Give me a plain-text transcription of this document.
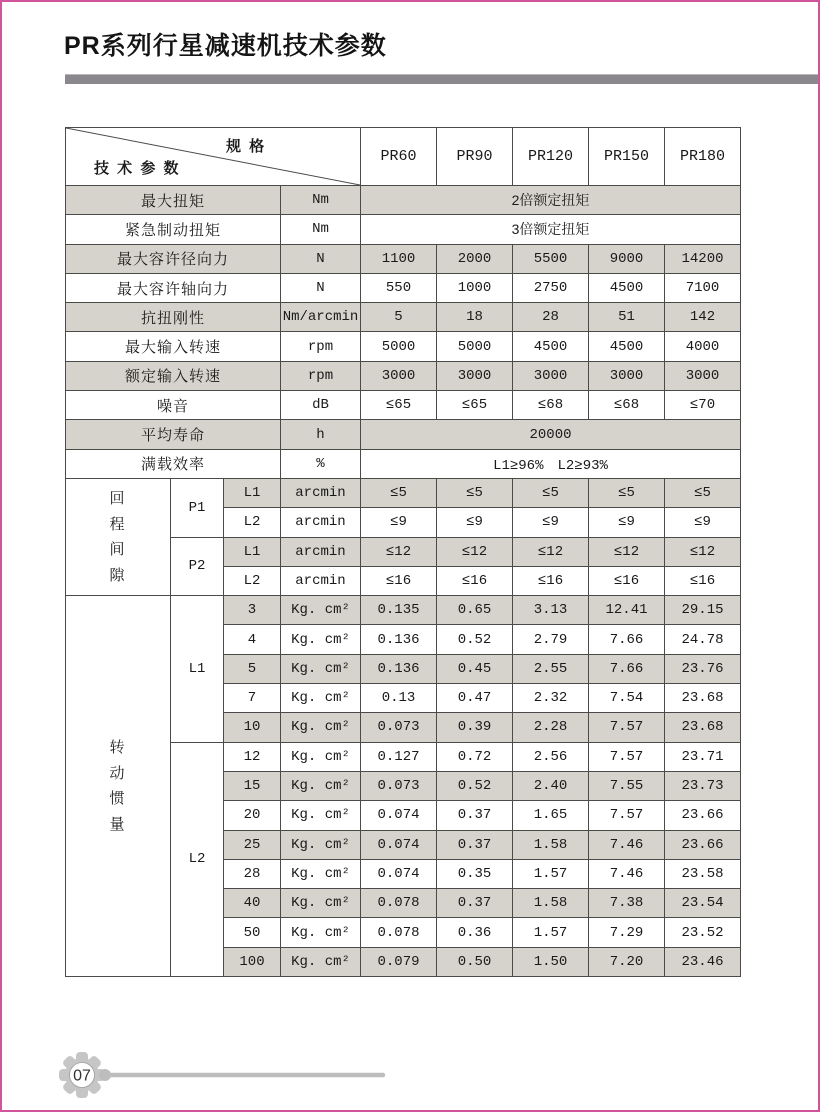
PR系列行星减速机技术参数
规 格
技 术 参 数				PR60	PR90	PR120	PR150	PR180
最大扭矩			Nm	2倍额定扭矩				
紧急制动扭矩			Nm	3倍额定扭矩				
最大容许径向力			N	1100	2000	5500	9000	14200
最大容许轴向力			N	550	1000	2750	4500	7100
抗扭刚性			Nm/arcmin	5	18	28	51	142
最大输入转速			rpm	5000	5000	4500	4500	4000
额定输入转速			rpm	3000	3000	3000	3000	3000
噪音			dB	≤65	≤65	≤68	≤68	≤70
平均寿命			h	20000				
满载效率			%	L1≥96%　L2≥93%				
回程间隙	P1	L1	arcmin	≤5	≤5	≤5	≤5	≤5
		L2	arcmin	≤9	≤9	≤9	≤9	≤9
	P2	L1	arcmin	≤12	≤12	≤12	≤12	≤12
		L2	arcmin	≤16	≤16	≤16	≤16	≤16
转动惯量	L1	3	Kg. cm²	0.135	0.65	3.13	12.41	29.15
		4	Kg. cm²	0.136	0.52	2.79	7.66	24.78
		5	Kg. cm²	0.136	0.45	2.55	7.66	23.76
		7	Kg. cm²	0.13	0.47	2.32	7.54	23.68
		10	Kg. cm²	0.073	0.39	2.28	7.57	23.68
	L2	12	Kg. cm²	0.127	0.72	2.56	7.57	23.71
		15	Kg. cm²	0.073	0.52	2.40	7.55	23.73
		20	Kg. cm²	0.074	0.37	1.65	7.57	23.66
		25	Kg. cm²	0.074	0.37	1.58	7.46	23.66
		28	Kg. cm²	0.074	0.35	1.57	7.46	23.58
		40	Kg. cm²	0.078	0.37	1.58	7.38	23.54
		50	Kg. cm²	0.078	0.36	1.57	7.29	23.52
		100	Kg. cm²	0.079	0.50	1.50	7.20	23.46
07
